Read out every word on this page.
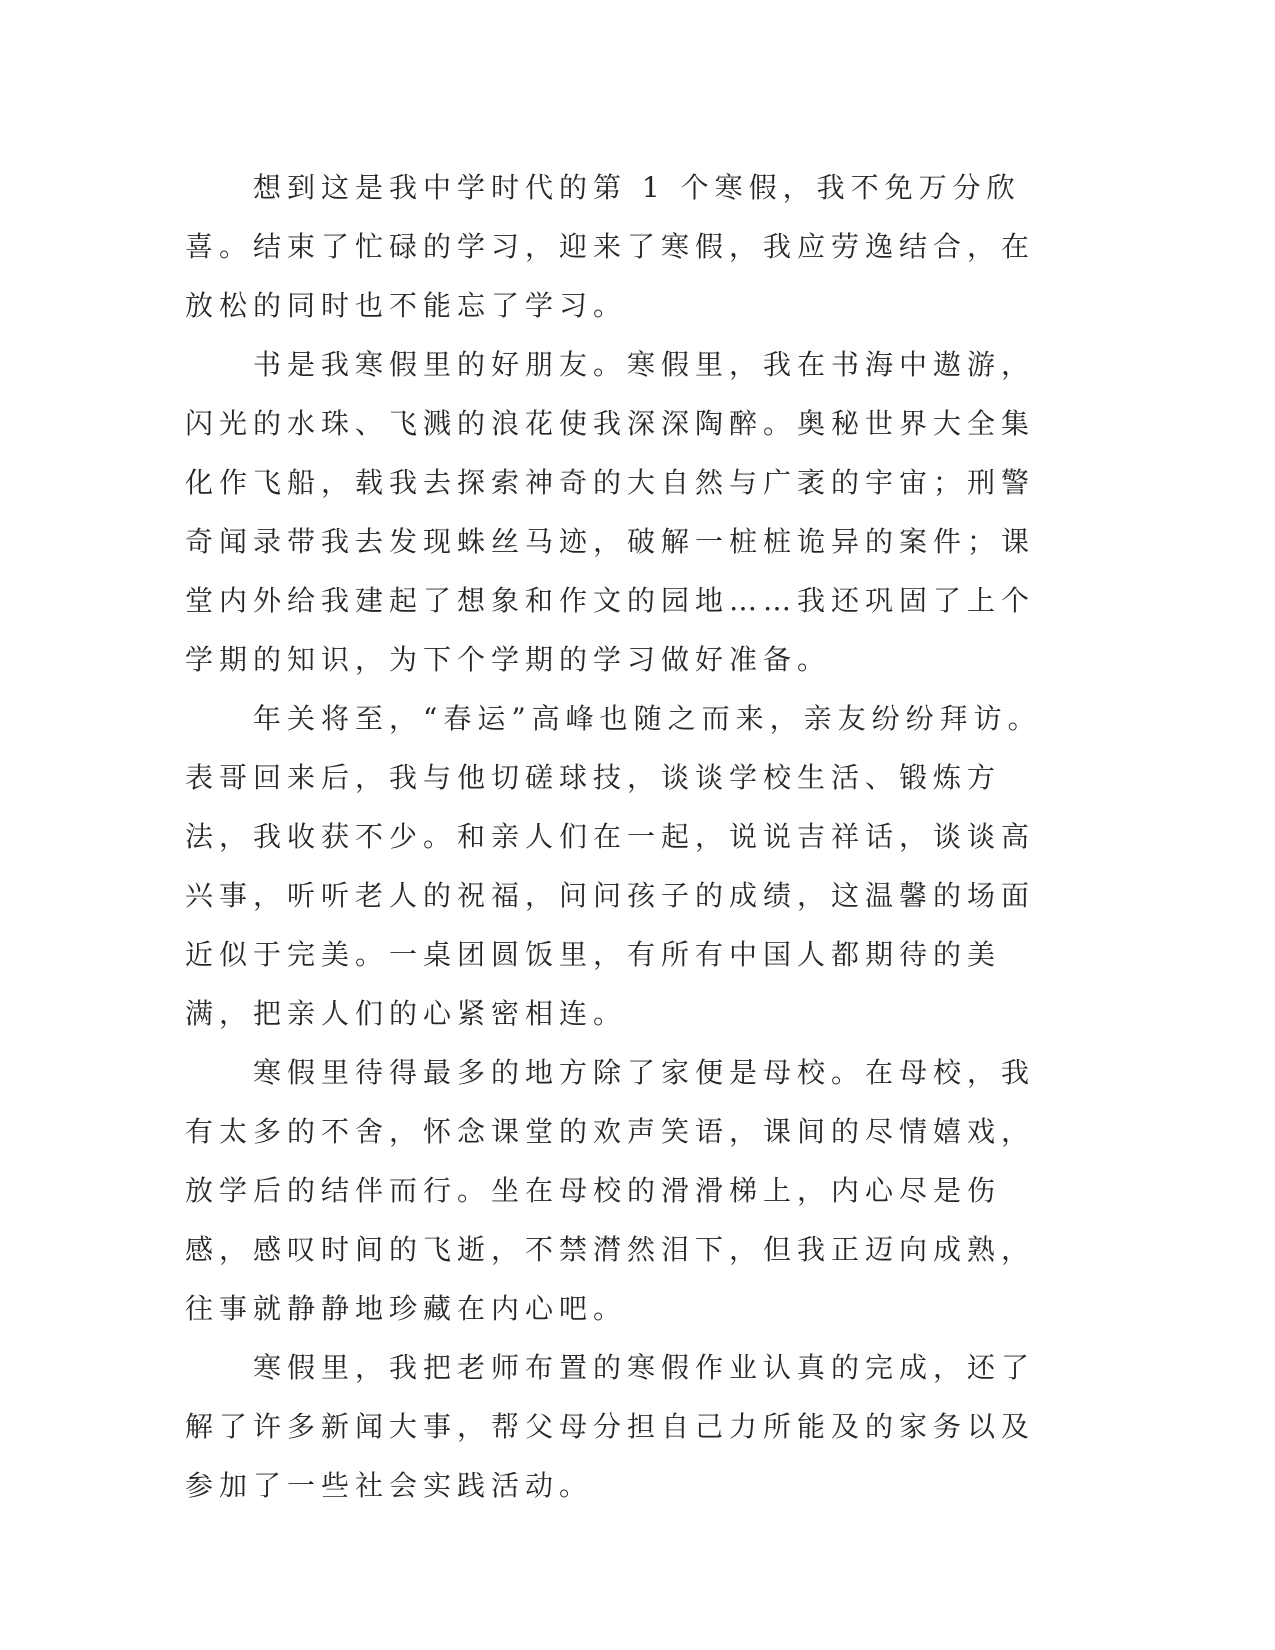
想到这是我中学时代的第 1 个寒假，我不免万分欣喜。结束了忙碌的学习，迎来了寒假，我应劳逸结合，在放松的同时也不能忘了学习。

书是我寒假里的好朋友。寒假里，我在书海中遨游，闪光的水珠、飞溅的浪花使我深深陶醉。奥秘世界大全集化作飞船，载我去探索神奇的大自然与广袤的宇宙；刑警奇闻录带我去发现蛛丝马迹，破解一桩桩诡异的案件；课堂内外给我建起了想象和作文的园地……我还巩固了上个学期的知识，为下个学期的学习做好准备。

年关将至，“春运”高峰也随之而来，亲友纷纷拜访。表哥回来后，我与他切磋球技，谈谈学校生活、锻炼方法，我收获不少。和亲人们在一起，说说吉祥话，谈谈高兴事，听听老人的祝福，问问孩子的成绩，这温馨的场面近似于完美。一桌团圆饭里，有所有中国人都期待的美满，把亲人们的心紧密相连。

寒假里待得最多的地方除了家便是母校。在母校，我有太多的不舍，怀念课堂的欢声笑语，课间的尽情嬉戏，放学后的结伴而行。坐在母校的滑滑梯上，内心尽是伤感，感叹时间的飞逝，不禁潸然泪下，但我正迈向成熟，往事就静静地珍藏在内心吧。

寒假里，我把老师布置的寒假作业认真的完成，还了解了许多新闻大事，帮父母分担自己力所能及的家务以及参加了一些社会实践活动。
